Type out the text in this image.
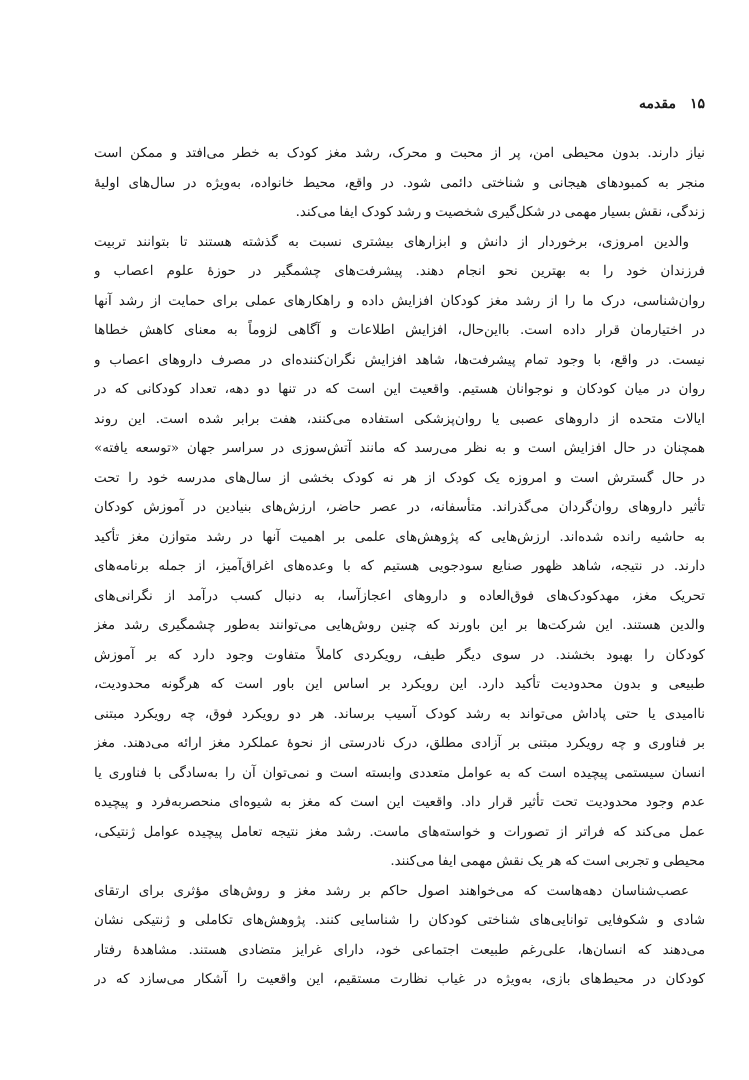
۱۵مقدمه
نیاز دارند. بدون محیطی امن، پر از محبت و محرک، رشد مغز کودک به خطر می‌افتد و ممکن است
منجر به کمبودهای هیجانی و شناختی دائمی شود. در واقع، محیط خانواده، به‌ویژه در سال‌های اولیهٔ
زندگی، نقش بسیار مهمی در شکل‌گیری شخصیت و رشد کودک ایفا می‌کند.
والدین امروزی، برخوردار از دانش و ابزارهای بیشتری نسبت به گذشته هستند تا بتوانند تربیت
فرزندان خود را به بهترین نحو انجام دهند. پیشرفت‌های چشمگیر در حوزهٔ علوم اعصاب و
روان‌شناسی، درک ما را از رشد مغز کودکان افزایش داده و راهکارهای عملی برای حمایت از رشد آنها
در اختیارمان قرار داده است. بااین‌حال، افزایش اطلاعات و آگاهی لزوماً به معنای کاهش خطاها
نیست. در واقع، با وجود تمام پیشرفت‌ها، شاهد افزایش نگران‌کننده‌ای در مصرف داروهای اعصاب و
روان در میان کودکان و نوجوانان هستیم. واقعیت این است که در تنها دو دهه، تعداد کودکانی که در
ایالات متحده از داروهای عصبی یا روان‌پزشکی استفاده می‌کنند، هفت برابر شده است. این روند
همچنان در حال افزایش است و به نظر می‌رسد که مانند آتش‌سوزی در سراسر جهان «توسعه یافته»
در حال گسترش است و امروزه یک کودک از هر نه کودک بخشی از سال‌های مدرسه خود را تحت
تأثیر داروهای روان‌گردان می‌گذراند. متأسفانه، در عصر حاضر، ارزش‌های بنیادین در آموزش کودکان
به حاشیه رانده شده‌اند. ارزش‌هایی که پژوهش‌های علمی بر اهمیت آنها در رشد متوازن مغز تأکید
دارند. در نتیجه، شاهد ظهور صنایع سودجویی هستیم که با وعده‌های اغراق‌آمیز، از جمله برنامه‌های
تحریک مغز، مهدکودک‌های فوق‌العاده و داروهای اعجازآسا، به دنبال کسب درآمد از نگرانی‌های
والدین هستند. این شرکت‌ها بر این باورند که چنین روش‌هایی می‌توانند به‌طور چشمگیری رشد مغز
کودکان را بهبود بخشند. در سوی دیگر طیف، رویکردی کاملاً متفاوت وجود دارد که بر آموزش
طبیعی و بدون محدودیت تأکید دارد. این رویکرد بر اساس این باور است که هرگونه محدودیت،
ناامیدی یا حتی پاداش می‌تواند به رشد کودک آسیب برساند. هر دو رویکرد فوق، چه رویکرد مبتنی
بر فناوری و چه رویکرد مبتنی بر آزادی مطلق، درک نادرستی از نحوهٔ عملکرد مغز ارائه می‌دهند. مغز
انسان سیستمی پیچیده است که به عوامل متعددی وابسته است و نمی‌توان آن را به‌سادگی با فناوری یا
عدم وجود محدودیت تحت تأثیر قرار داد. واقعیت این است که مغز به شیوه‌ای منحصربه‌فرد و پیچیده
عمل می‌کند که فراتر از تصورات و خواسته‌های ماست. رشد مغز نتیجه تعامل پیچیده عوامل ژنتیکی،
محیطی و تجربی است که هر یک نقش مهمی ایفا می‌کنند.
عصب‌شناسان دهه‌هاست که می‌خواهند اصول حاکم بر رشد مغز و روش‌های مؤثری برای ارتقای
شادی و شکوفایی توانایی‌های شناختی کودکان را شناسایی کنند. پژوهش‌های تکاملی و ژنتیکی نشان
می‌دهند که انسان‌ها، علی‌رغم طبیعت اجتماعی خود، دارای غرایز متضادی هستند. مشاهدهٔ رفتار
کودکان در محیط‌های بازی، به‌ویژه در غیاب نظارت مستقیم، این واقعیت را آشکار می‌سازد که در
